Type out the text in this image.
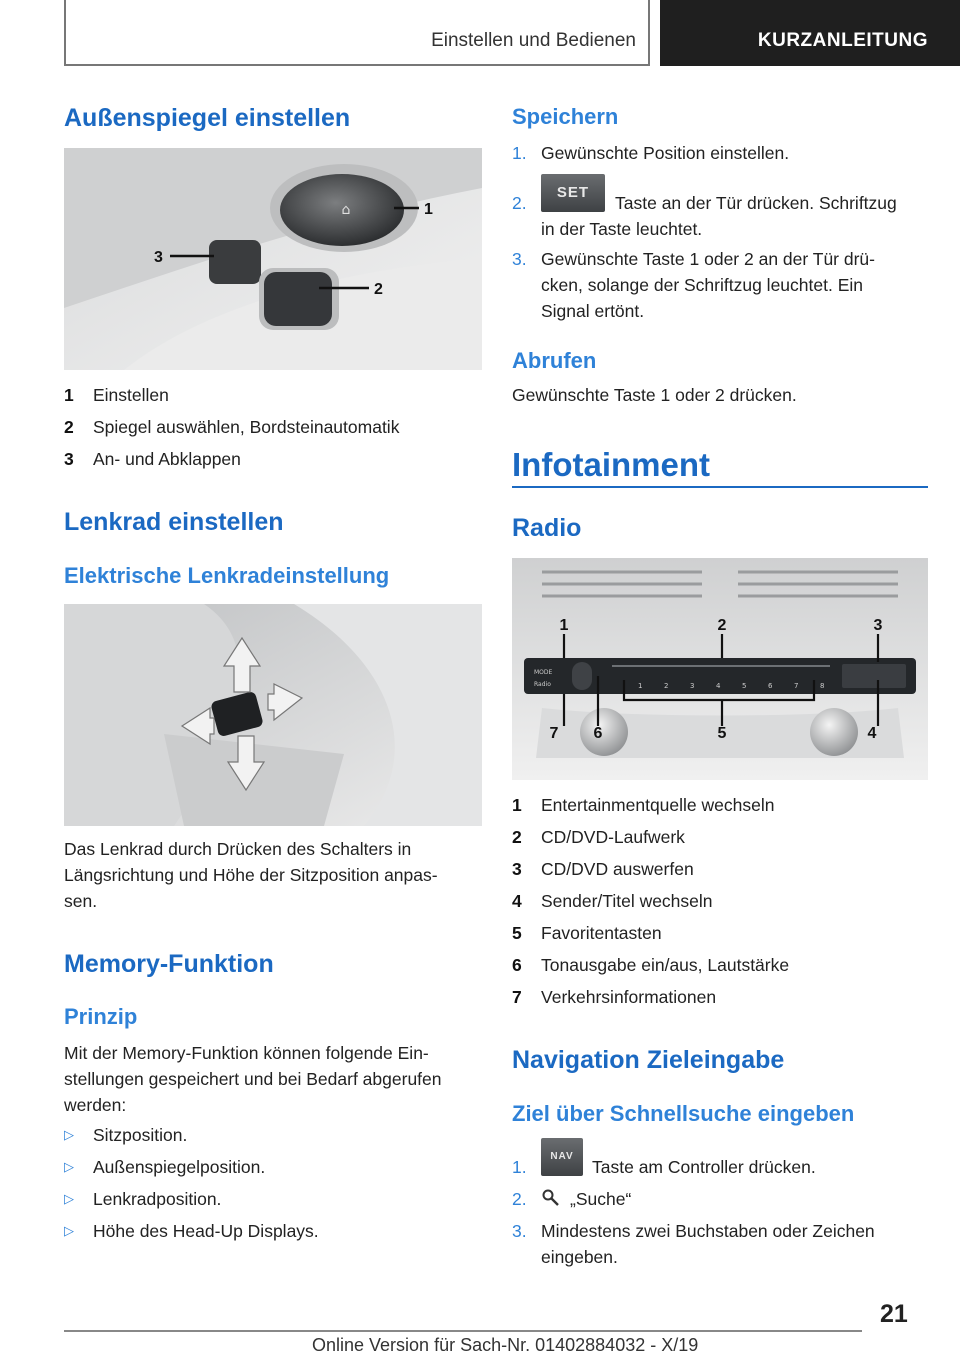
Einstellen und Bedienen	KURZANLEITUNG
Außenspiegel einstellen
⌂	1
2
3
1 Einstellen
2 Spiegel auswählen, Bordsteinautomatik
3 An- und Abklappen
Lenkrad einstellen
Elektrische Lenkradeinstellung
Das Lenkrad durch Drücken des Schalters in
Längsrichtung und Höhe der Sitzposition anpas-
sen.
Memory-Funktion
Prinzip
Mit der Memory-Funktion können folgende Ein-
stellungen gespeichert und bei Bedarf abgerufen
werden:
▷ Sitzposition.
▷ Außenspiegelposition.
▷ Lenkradposition.
▷ Höhe des Head-Up Displays.
Speichern
1. Gewünschte Position einstellen.
2.
SET
Taste an der Tür drücken. Schriftzug
in der Taste leuchtet.
3. Gewünschte Taste 1 oder 2 an der Tür drü-
cken, solange der Schriftzug leuchtet. Ein
Signal ertönt.
Abrufen
Gewünschte Taste 1 oder 2 drücken.
Infotainment
Radio
MODE
Radio	1	2	3	4	5	6	7	8
1	2	3
4
5
6
7
1 Entertainmentquelle wechseln
2 CD/DVD-Laufwerk
3 CD/DVD auswerfen
4 Sender/Titel wechseln
5 Favoritentasten
6 Tonausgabe ein/aus, Lautstärke
7 Verkehrsinformationen
Navigation Zieleingabe
Ziel über Schnellsuche eingeben
1.
NAV
Taste am Controller drücken.
2. „Suche“
3. Mindestens zwei Buchstaben oder Zeichen
eingeben.
21
Online Version für Sach-Nr. 01402884032 - X/19
